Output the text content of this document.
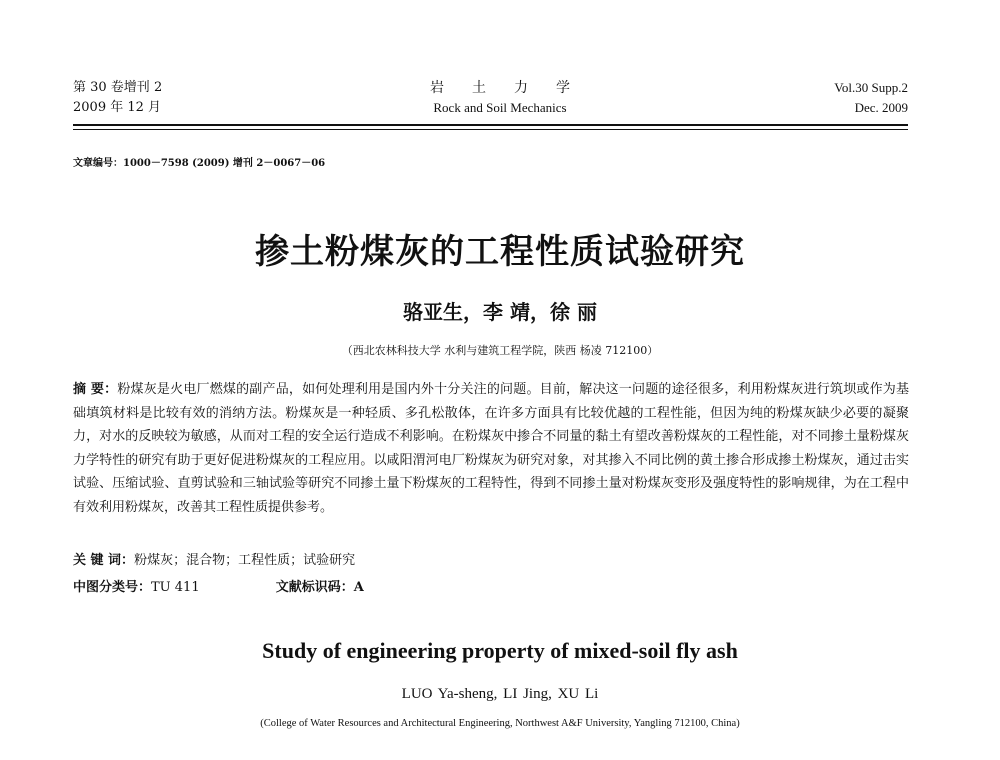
第 30 卷增刊 2
2009 年 12 月
岩土力学
Rock and Soil Mechanics
Vol.30 Supp.2
Dec. 2009
文章编号：1000－7598 (2009) 增刊 2－0067－06
掺土粉煤灰的工程性质试验研究
骆亚生，李 靖，徐 丽
（西北农林科技大学 水利与建筑工程学院，陕西 杨凌 712100）
摘 要：粉煤灰是火电厂燃煤的副产品，如何处理利用是国内外十分关注的问题。目前，解决这一问题的途径很多，利用粉煤灰进行筑坝或作为基础填筑材料是比较有效的消纳方法。粉煤灰是一种轻质、多孔松散体，在许多方面具有比较优越的工程性能，但因为纯的粉煤灰缺少必要的凝聚力，对水的反映较为敏感，从而对工程的安全运行造成不利影响。在粉煤灰中掺合不同量的黏土有望改善粉煤灰的工程性能，对不同掺土量粉煤灰力学特性的研究有助于更好促进粉煤灰的工程应用。以咸阳渭河电厂粉煤灰为研究对象，对其掺入不同比例的黄土掺合形成掺土粉煤灰，通过击实试验、压缩试验、直剪试验和三轴试验等研究不同掺土量下粉煤灰的工程特性，得到不同掺土量对粉煤灰变形及强度特性的影响规律，为在工程中有效利用粉煤灰，改善其工程性质提供参考。
关 键 词：粉煤灰；混合物；工程性质；试验研究
中图分类号：TU 411	文献标识码：A
Study of engineering property of mixed-soil fly ash
LUO Ya-sheng, LI Jing, XU Li
(College of Water Resources and Architectural Engineering, Northwest A&F University, Yangling 712100, China)
